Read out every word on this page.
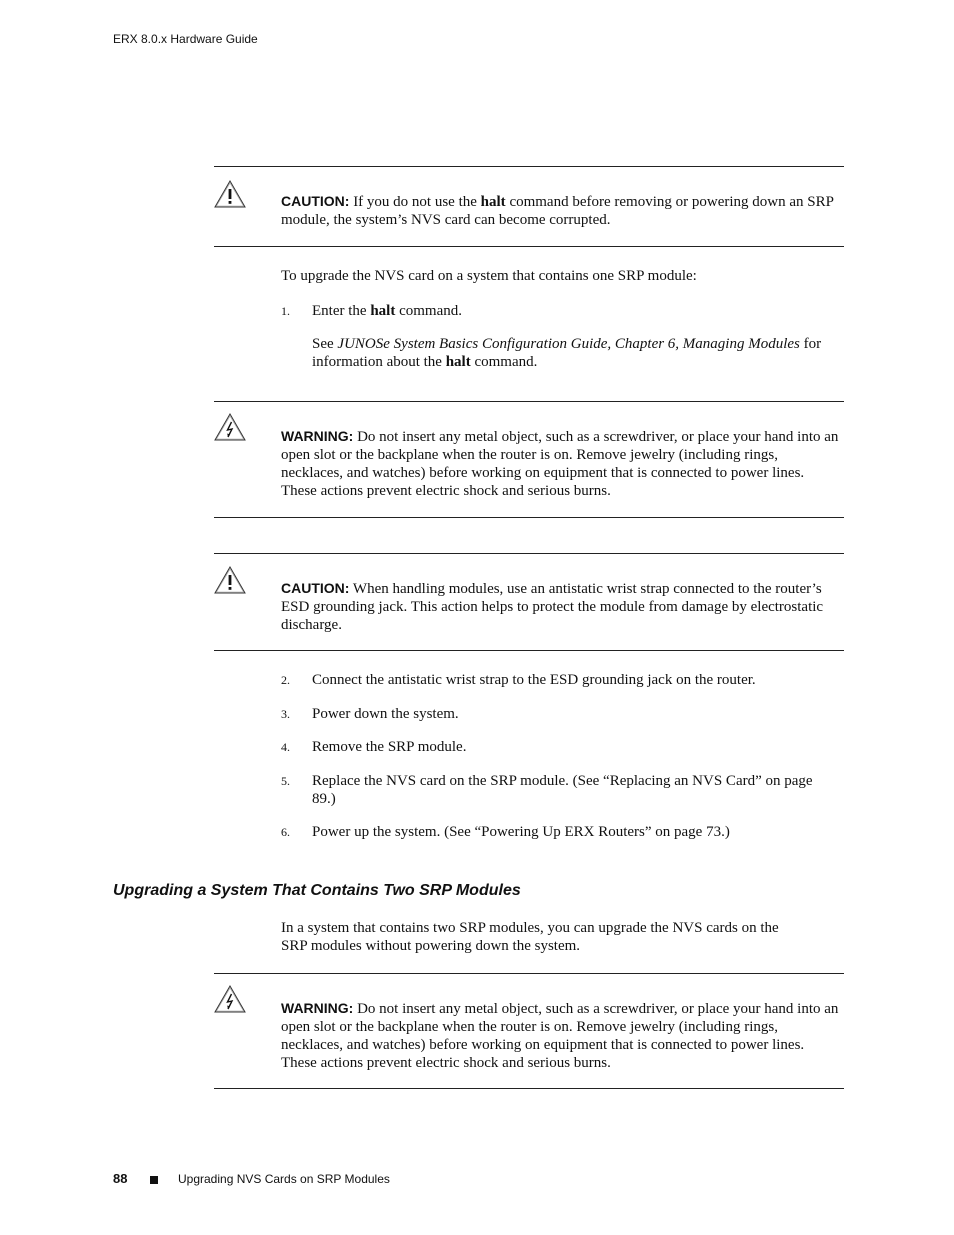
ERX 8.0.x Hardware Guide
CAUTION: If you do not use the halt command before removing or powering down an SRP module, the system’s NVS card can become corrupted.
To upgrade the NVS card on a system that contains one SRP module:
1. Enter the halt command.
See JUNOSe System Basics Configuration Guide, Chapter 6, Managing Modules for information about the halt command.
WARNING: Do not insert any metal object, such as a screwdriver, or place your hand into an open slot or the backplane when the router is on. Remove jewelry (including rings, necklaces, and watches) before working on equipment that is connected to power lines. These actions prevent electric shock and serious burns.
CAUTION: When handling modules, use an antistatic wrist strap connected to the router’s ESD grounding jack. This action helps to protect the module from damage by electrostatic discharge.
2. Connect the antistatic wrist strap to the ESD grounding jack on the router.
3. Power down the system.
4. Remove the SRP module.
5. Replace the NVS card on the SRP module. (See “Replacing an NVS Card” on page 89.)
6. Power up the system. (See “Powering Up ERX Routers” on page 73.)
Upgrading a System That Contains Two SRP Modules
In a system that contains two SRP modules, you can upgrade the NVS cards on the SRP modules without powering down the system.
WARNING: Do not insert any metal object, such as a screwdriver, or place your hand into an open slot or the backplane when the router is on. Remove jewelry (including rings, necklaces, and watches) before working on equipment that is connected to power lines. These actions prevent electric shock and serious burns.
88	Upgrading NVS Cards on SRP Modules
